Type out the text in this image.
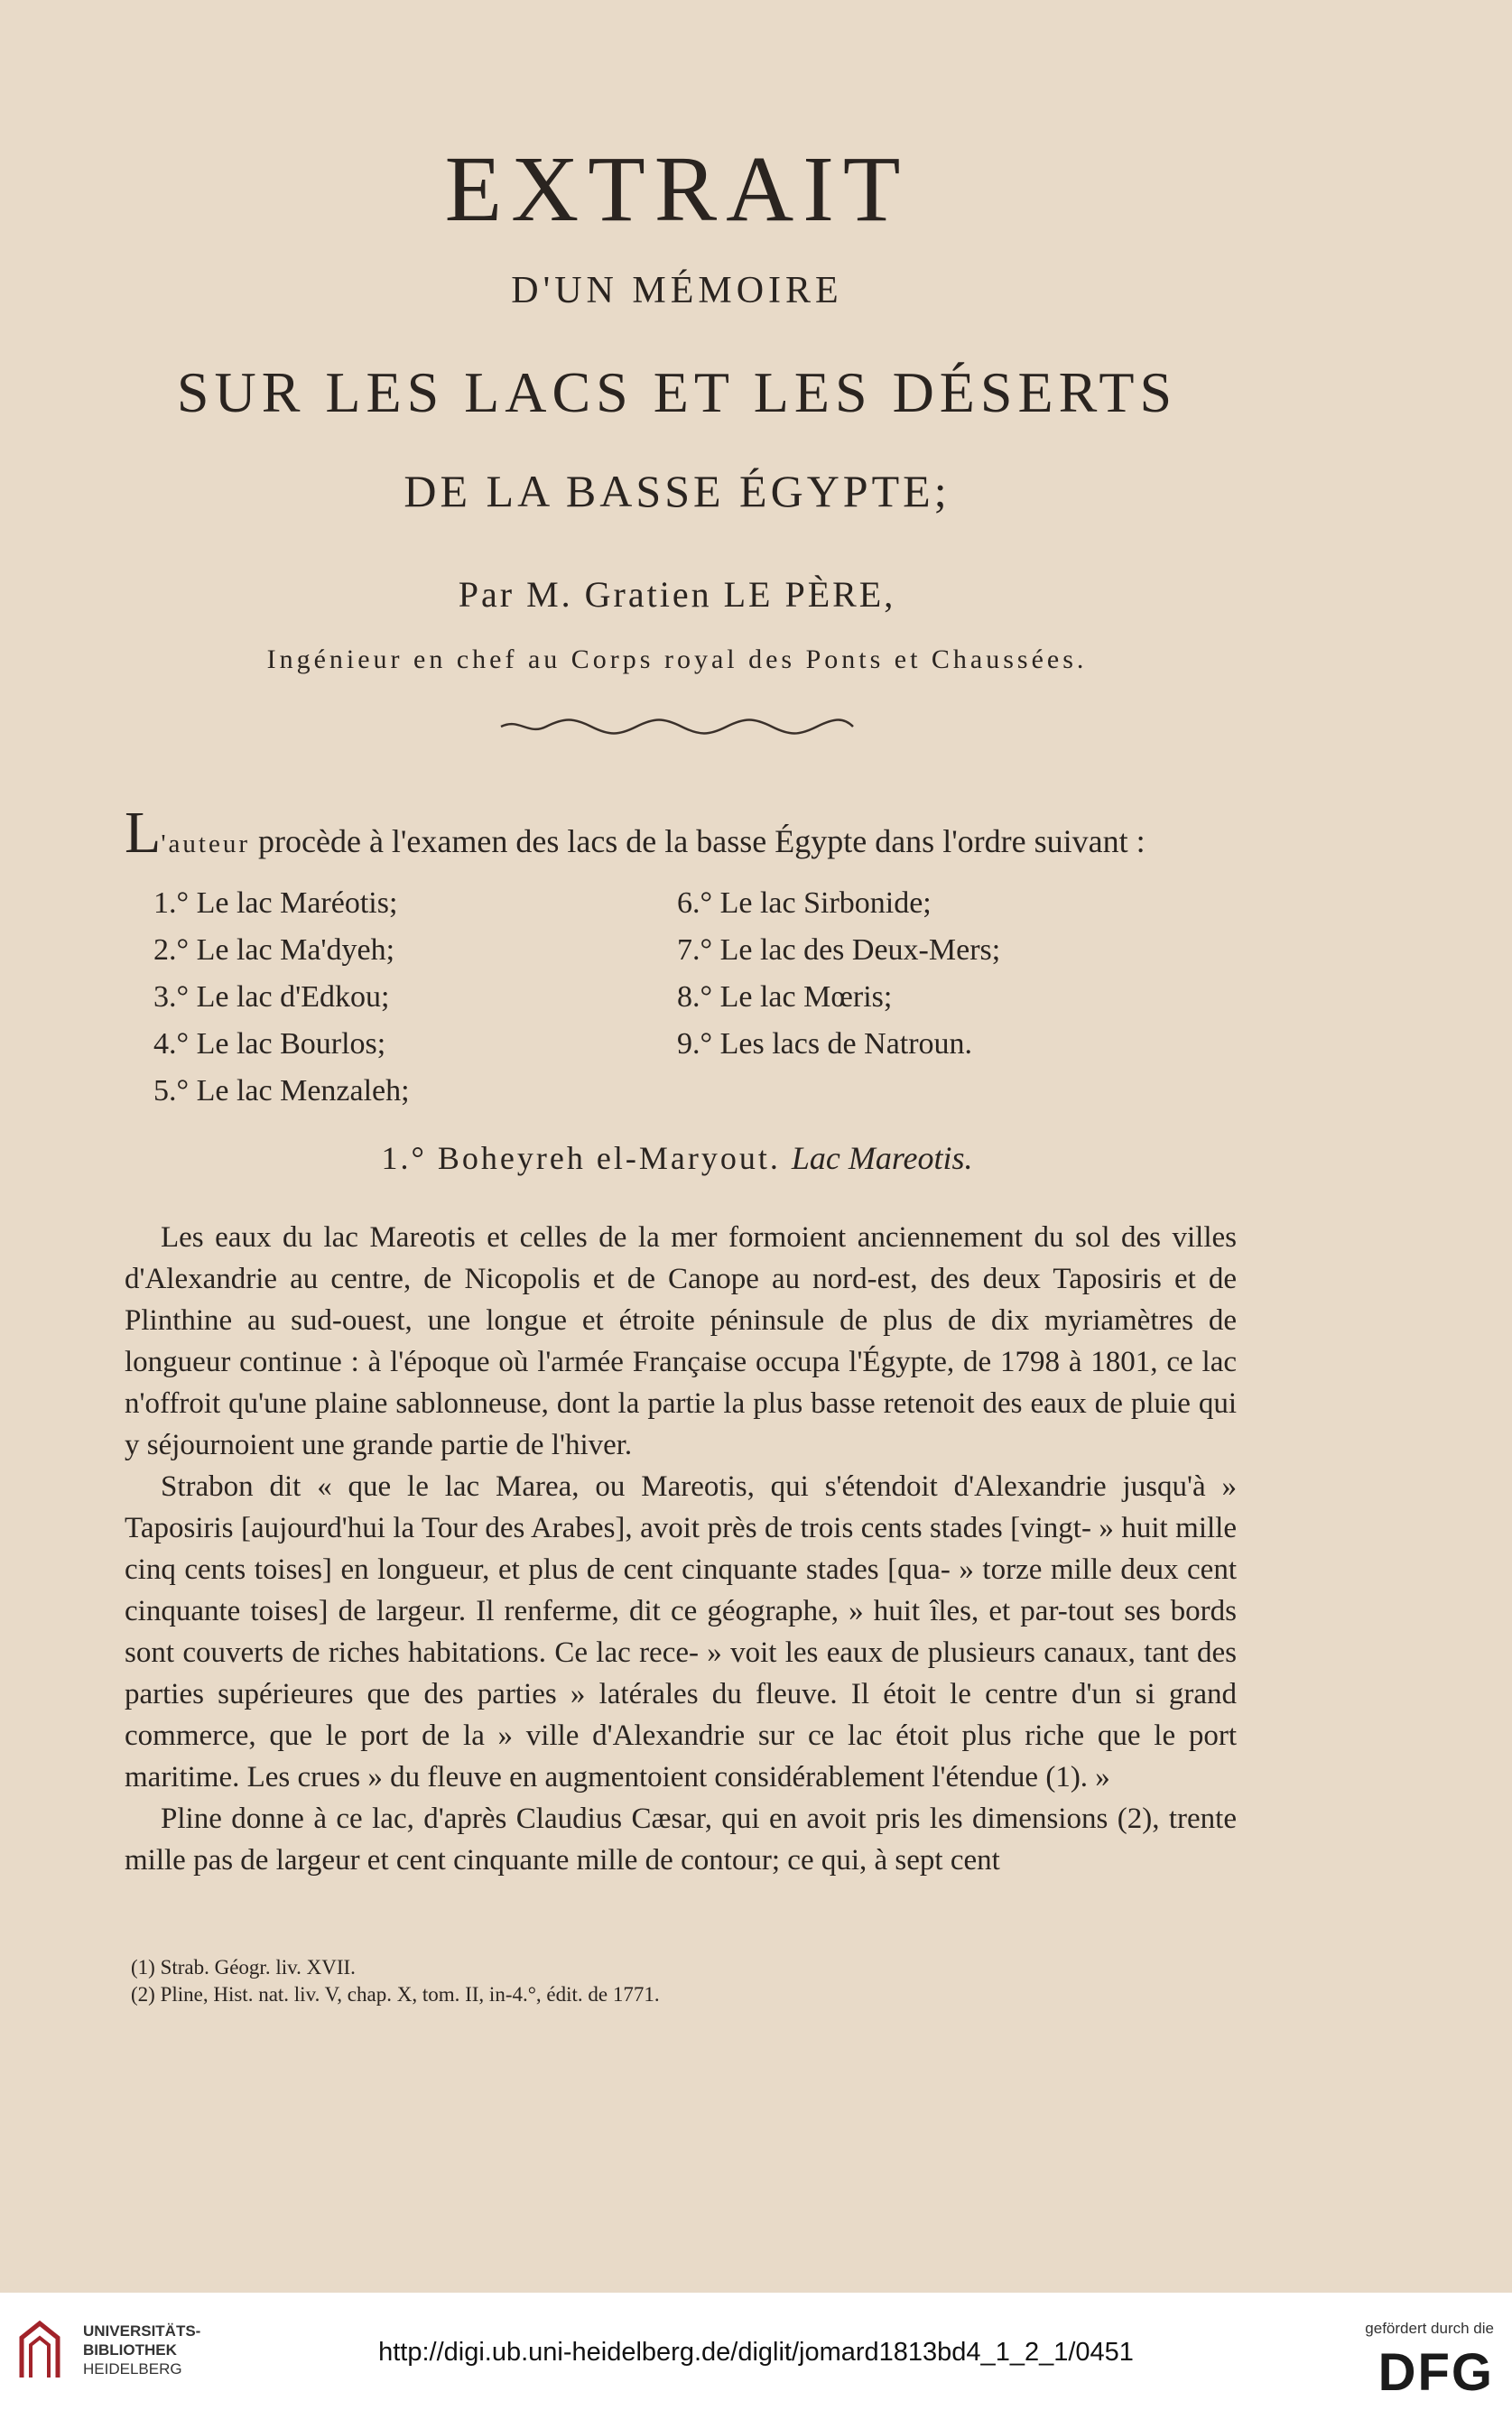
EXTRAIT
D'UN MÉMOIRE
SUR LES LACS ET LES DÉSERTS
DE LA BASSE ÉGYPTE;
Par M. Gratien LE PÈRE,
Ingénieur en chef au Corps royal des Ponts et Chaussées.
L'auteur procède à l'examen des lacs de la basse Égypte dans l'ordre suivant :
1.° Le lac Maréotis;
2.° Le lac Ma'dyeh;
3.° Le lac d'Edkou;
4.° Le lac Bourlos;
5.° Le lac Menzaleh;
6.° Le lac Sirbonide;
7.° Le lac des Deux-Mers;
8.° Le lac Mœris;
9.° Les lacs de Natroun.
1.° Boheyreh el-Maryout. Lac Mareotis.

Les eaux du lac Mareotis et celles de la mer formoient anciennement du sol des villes d'Alexandrie au centre, de Nicopolis et de Canope au nord-est, des deux Taposiris et de Plinthine au sud-ouest, une longue et étroite péninsule de plus de dix myriamètres de longueur continue : à l'époque où l'armée Française occupa l'Égypte, de 1798 à 1801, ce lac n'offroit qu'une plaine sablonneuse, dont la partie la plus basse retenoit des eaux de pluie qui y séjournoient une grande partie de l'hiver.

Strabon dit « que le lac Marea, ou Mareotis, qui s'étendoit d'Alexandrie jusqu'à » Taposiris [aujourd'hui la Tour des Arabes], avoit près de trois cents stades [vingt- » huit mille cinq cents toises] en longueur, et plus de cent cinquante stades [qua- » torze mille deux cent cinquante toises] de largeur. Il renferme, dit ce géographe, » huit îles, et par-tout ses bords sont couverts de riches habitations. Ce lac rece- » voit les eaux de plusieurs canaux, tant des parties supérieures que des parties » latérales du fleuve. Il étoit le centre d'un si grand commerce, que le port de la » ville d'Alexandrie sur ce lac étoit plus riche que le port maritime. Les crues » du fleuve en augmentoient considérablement l'étendue (1). »

Pline donne à ce lac, d'après Claudius Cæsar, qui en avoit pris les dimensions (2), trente mille pas de largeur et cent cinquante mille de contour; ce qui, à sept cent

(1) Strab. Géogr. liv. XVII.
(2) Pline, Hist. nat. liv. V, chap. X, tom. II, in-4.°, édit. de 1771.
UNIVERSITÄTS-
BIBLIOTHEK
HEIDELBERG
http://digi.ub.uni-heidelberg.de/diglit/jomard1813bd4_1_2_1/0451
gefördert durch die
DFG
